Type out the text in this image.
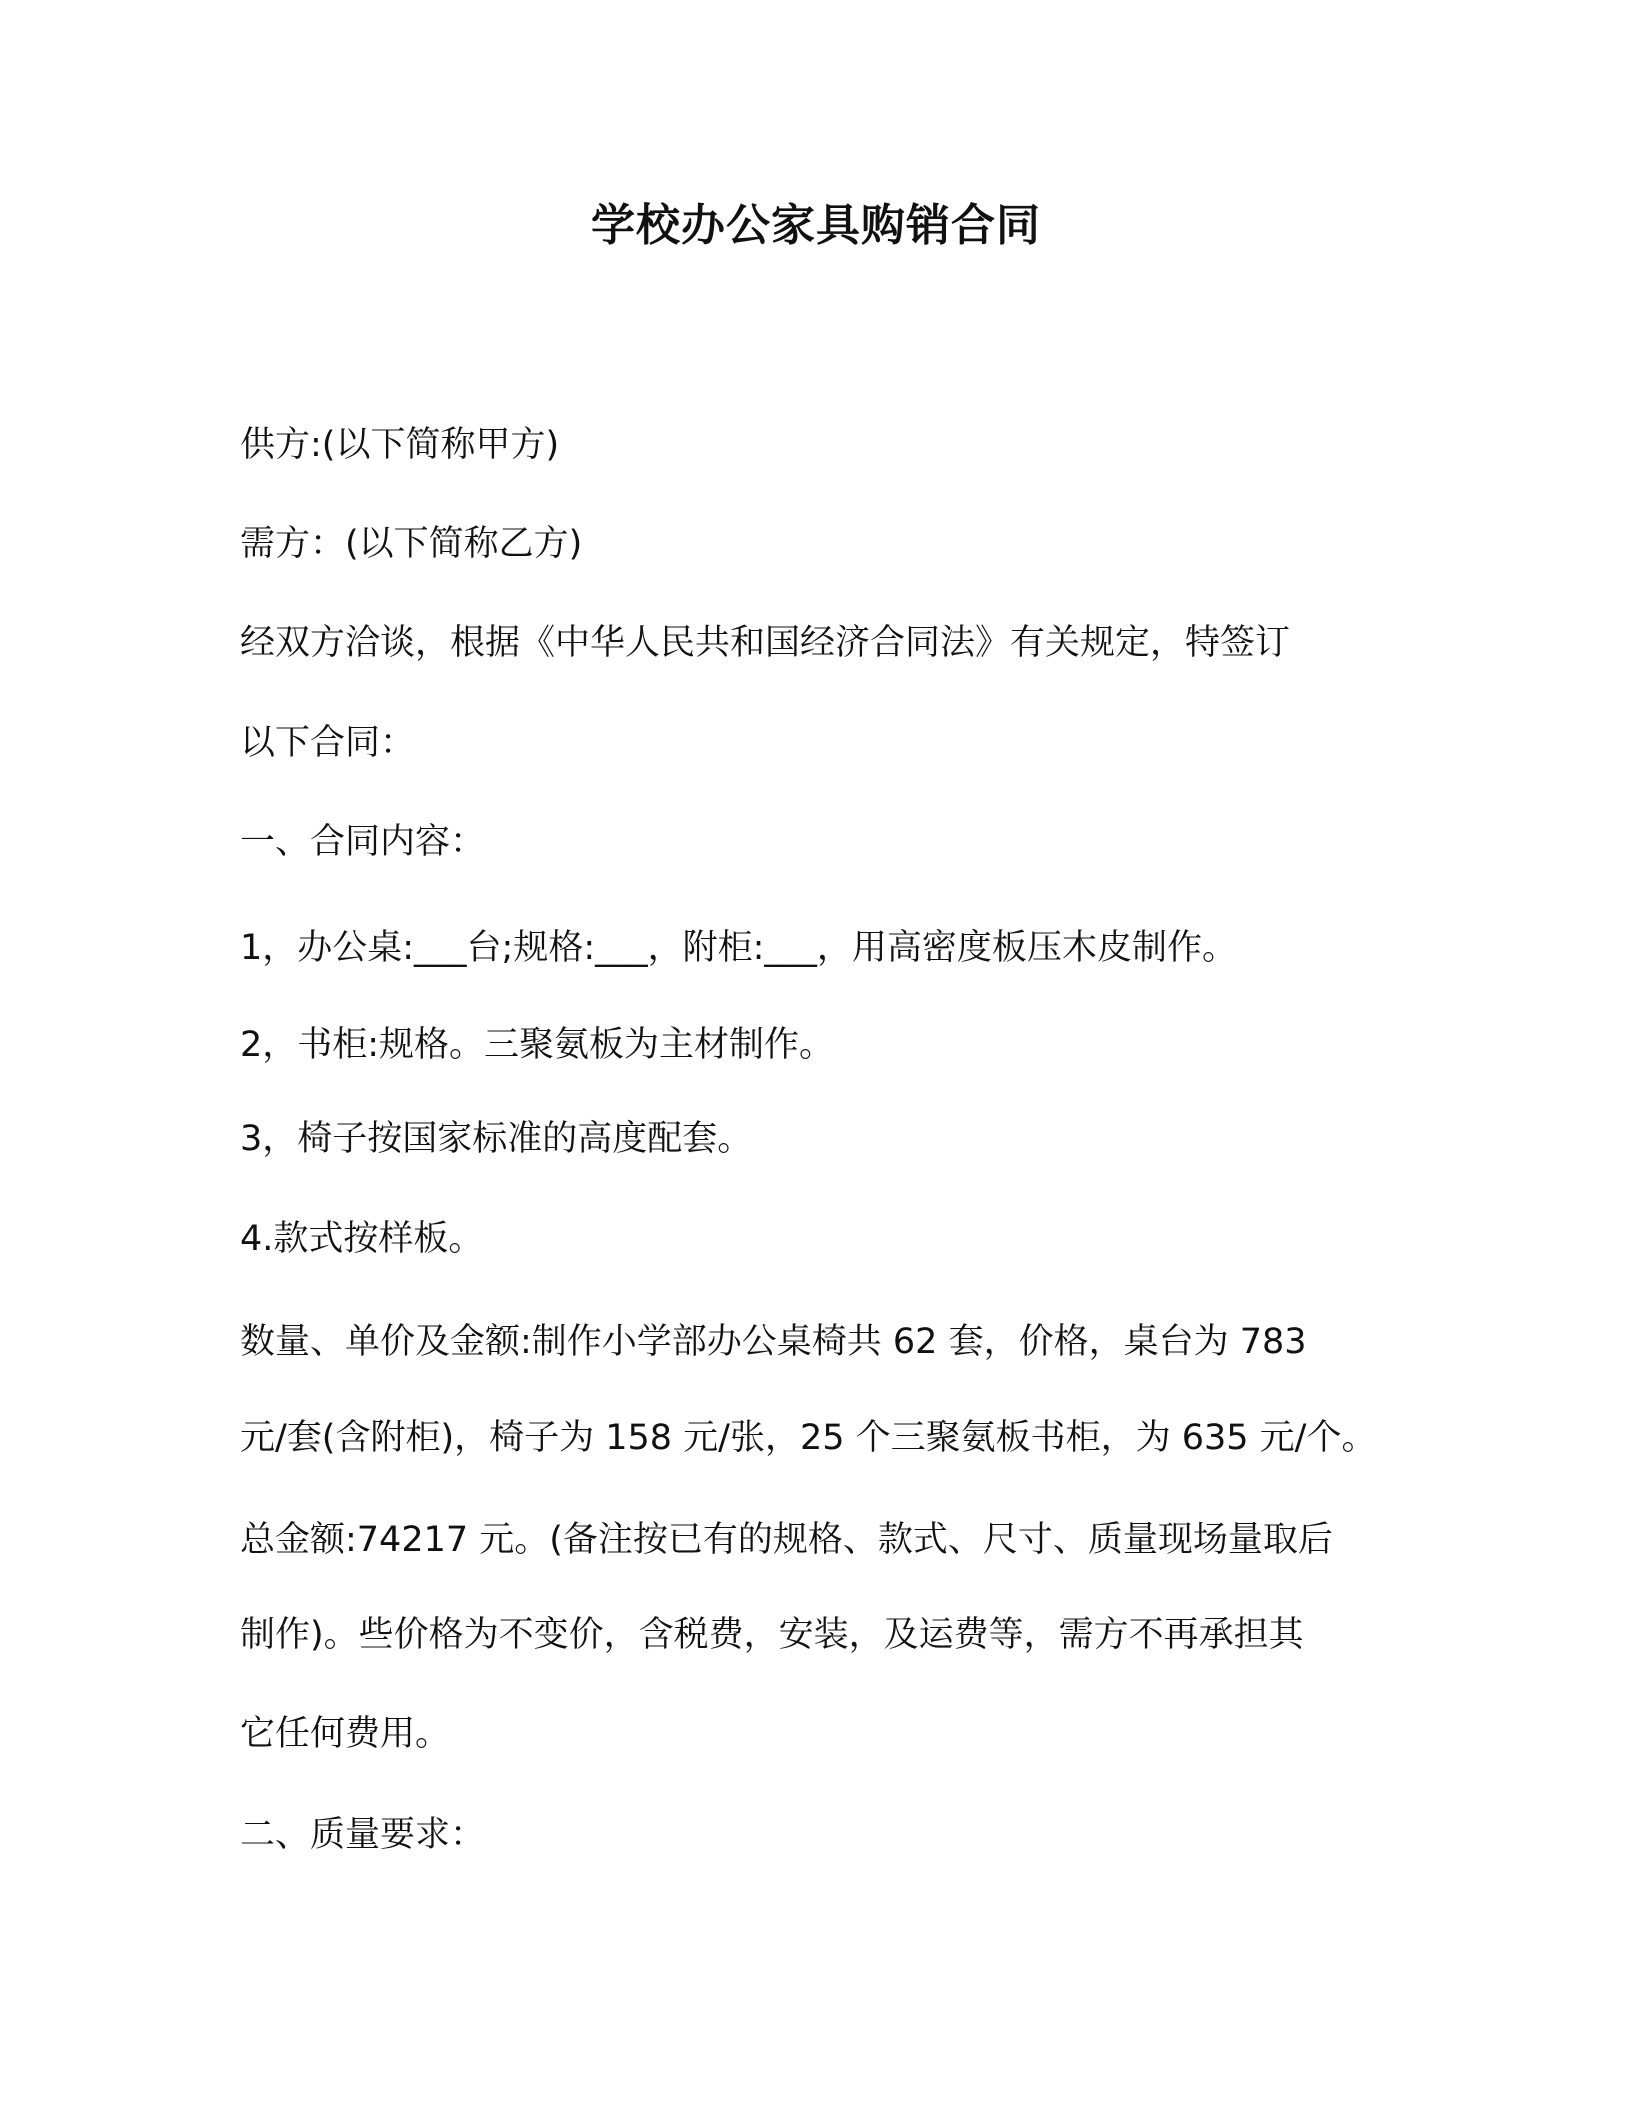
学校办公家具购销合同
供方:(以下简称甲方)
需方：(以下简称乙方)
经双方洽谈，根据《中华人民共和国经济合同法》有关规定，特签订
以下合同：
一、合同内容：
1，办公桌:___台;规格:___，附柜:___，用高密度板压木皮制作。
2，书柜:规格。三聚氨板为主材制作。
3，椅子按国家标准的高度配套。
4.款式按样板。
数量、单价及金额:制作小学部办公桌椅共 62 套，价格，桌台为 783
元/套(含附柜)，椅子为 158 元/张，25 个三聚氨板书柜，为 635 元/个。
总金额:74217 元。(备注按已有的规格、款式、尺寸、质量现场量取后
制作)。些价格为不变价，含税费，安装，及运费等，需方不再承担其
它任何费用。
二、质量要求：
